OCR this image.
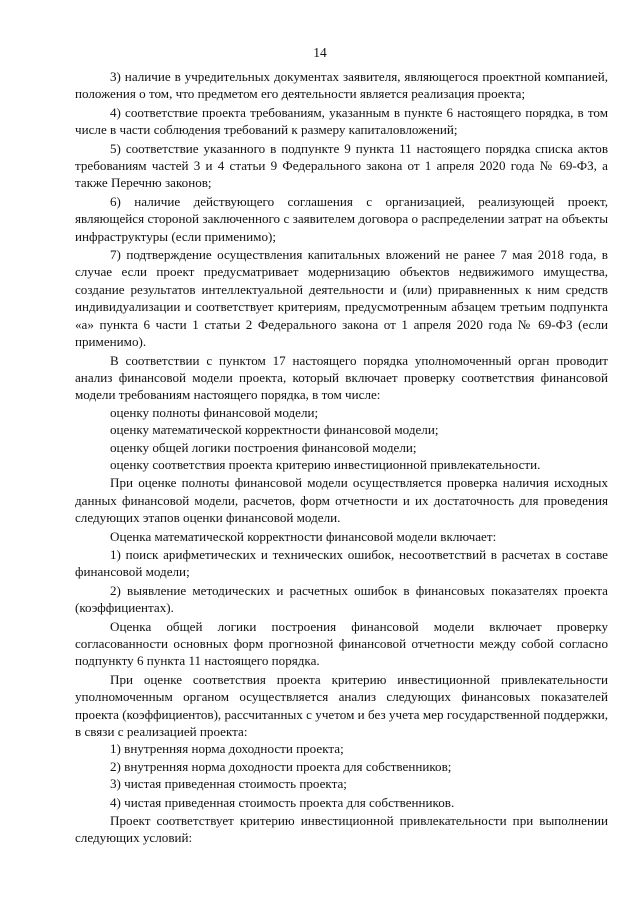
14

3) наличие в учредительных документах заявителя, являющегося проектной компанией, положения о том, что предметом его деятельности является реализация проекта;

4) соответствие проекта требованиям, указанным в пункте 6 настоящего порядка, в том числе в части соблюдения требований к размеру капиталовложений;

5) соответствие указанного в подпункте 9 пункта 11 настоящего порядка списка актов требованиям частей 3 и 4 статьи 9 Федерального закона от 1 апреля 2020 года № 69-ФЗ, а также Перечню законов;

6) наличие действующего соглашения с организацией, реализующей проект, являющейся стороной заключенного с заявителем договора о распределении затрат на объекты инфраструктуры (если применимо);

7) подтверждение осуществления капитальных вложений не ранее 7 мая 2018 года, в случае если проект предусматривает модернизацию объектов недвижимого имущества, создание результатов интеллектуальной деятельности и (или) приравненных к ним средств индивидуализации и соответствует критериям, предусмотренным абзацем третьим подпункта «а» пункта 6 части 1 статьи 2 Федерального закона от 1 апреля 2020 года № 69-ФЗ (если применимо).

В соответствии с пунктом 17 настоящего порядка уполномоченный орган проводит анализ финансовой модели проекта, который включает проверку соответствия финансовой модели требованиям настоящего порядка, в том числе:

оценку полноты финансовой модели;

оценку математической корректности финансовой модели;

оценку общей логики построения финансовой модели;

оценку соответствия проекта критерию инвестиционной привлекательности.

При оценке полноты финансовой модели осуществляется проверка наличия исходных данных финансовой модели, расчетов, форм отчетности и их достаточность для проведения следующих этапов оценки финансовой модели.

Оценка математической корректности финансовой модели включает:

1) поиск арифметических и технических ошибок, несоответствий в расчетах в составе финансовой модели;

2) выявление методических и расчетных ошибок в финансовых показателях проекта (коэффициентах).

Оценка общей логики построения финансовой модели включает проверку согласованности основных форм прогнозной финансовой отчетности между собой согласно подпункту 6 пункта 11 настоящего порядка.

При оценке соответствия проекта критерию инвестиционной привлекательности уполномоченным органом осуществляется анализ следующих финансовых показателей проекта (коэффициентов), рассчитанных с учетом и без учета мер государственной поддержки, в связи с реализацией проекта:

1) внутренняя норма доходности проекта;

2) внутренняя норма доходности проекта для собственников;

3) чистая приведенная стоимость проекта;

4) чистая приведенная стоимость проекта для собственников.

Проект соответствует критерию инвестиционной привлекательности при выполнении следующих условий:
